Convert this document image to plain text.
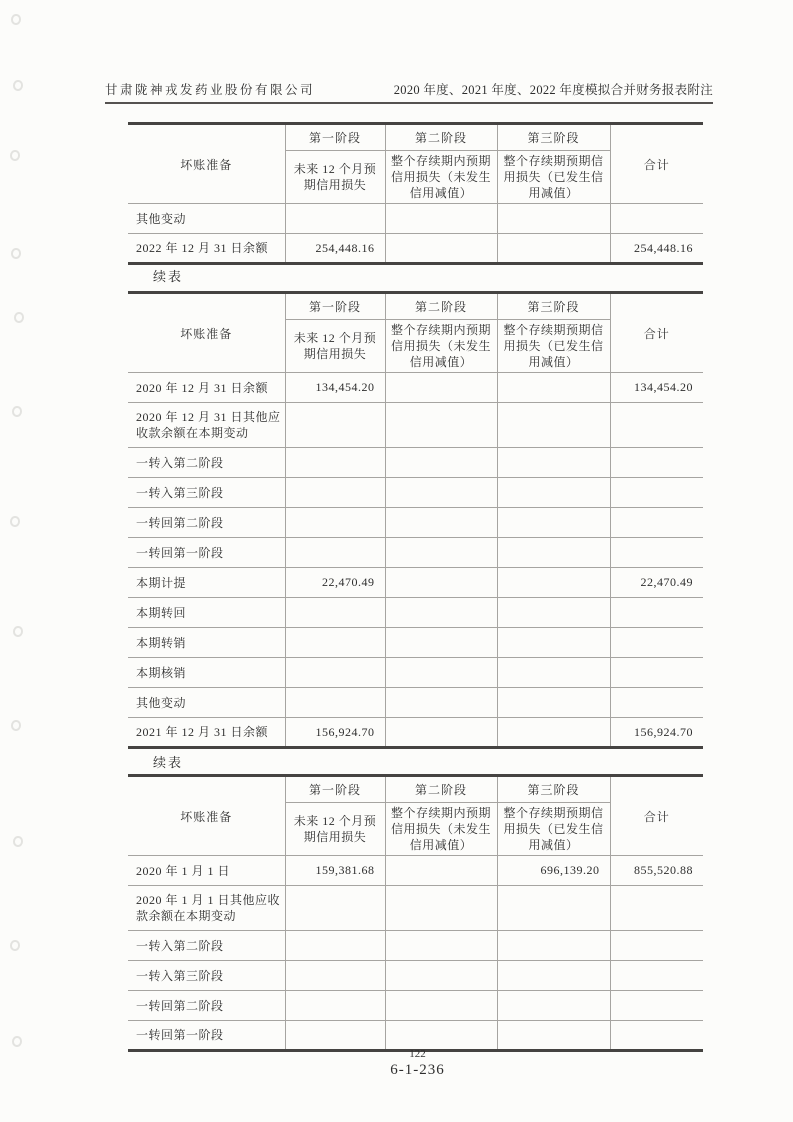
甘肃陇神戎发药业股份有限公司	2020 年度、2021 年度、2022 年度模拟合并财务报表附注
坏账准备	第一阶段	第二阶段	第三阶段	合计
	未来 12 个月预期信用损失	整个存续期内预期信用损失（未发生信用减值）	整个存续期预期信用损失（已发生信用减值）	
其他变动				
2022 年 12 月 31 日余额	254,448.16			254,448.16
续表
坏账准备	第一阶段	第二阶段	第三阶段	合计
	未来 12 个月预期信用损失	整个存续期内预期信用损失（未发生信用减值）	整个存续期预期信用损失（已发生信用减值）	
2020 年 12 月 31 日余额	134,454.20			134,454.20
2020 年 12 月 31 日其他应收款余额在本期变动				
一转入第二阶段				
一转入第三阶段				
一转回第二阶段				
一转回第一阶段				
本期计提	22,470.49			22,470.49
本期转回				
本期转销				
本期核销				
其他变动				
2021 年 12 月 31 日余额	156,924.70			156,924.70
续表
坏账准备	第一阶段	第二阶段	第三阶段	合计
	未来 12 个月预期信用损失	整个存续期内预期信用损失（未发生信用减值）	整个存续期预期信用损失（已发生信用减值）	
2020 年 1 月 1 日	159,381.68		696,139.20	855,520.88
2020 年 1 月 1 日其他应收款余额在本期变动				
一转入第二阶段				
一转入第三阶段				
一转回第二阶段				
一转回第一阶段				
122
6-1-236
